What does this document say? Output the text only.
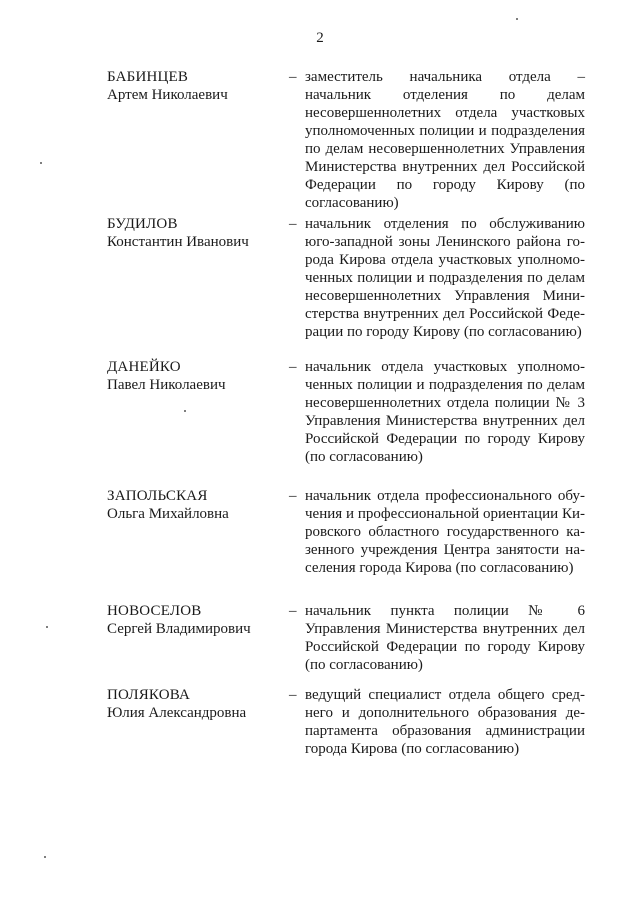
2
БАБИНЦЕВ
Артем Николаевич
– заместитель начальника отдела – начальник отделения по делам несовершеннолетних отдела участковых уполномоченных полиции и подразделения по делам несовершеннолетних Управления Министерства внутренних дел Российской Федерации по городу Кирову (по согласованию)
БУДИЛОВ
Константин Иванович
– начальник отделения по обслуживанию юго-западной зоны Ленинского района города Кирова отдела участковых уполномоченных полиции и подразделения по делам несовершеннолетних Управления Министерства внутренних дел Российской Федерации по городу Кирову (по согласованию)
ДАНЕЙКО
Павел Николаевич
– начальник отдела участковых уполномоченных полиции и подразделения по делам несовершеннолетних отдела полиции № 3 Управления Министерства внутренних дел Российской Федерации по городу Кирову (по согласованию)
ЗАПОЛЬСКАЯ
Ольга Михайловна
– начальник отдела профессионального обучения и профессиональной ориентации Кировского областного государственного казенного учреждения Центра занятости населения города Кирова (по согласованию)
НОВОСЕЛОВ
Сергей Владимирович
– начальник пункта полиции № 6 Управления Министерства внутренних дел Российской Федерации по городу Кирову (по согласованию)
ПОЛЯКОВА
Юлия Александровна
– ведущий специалист отдела общего среднего и дополнительного образования департамента образования администрации города Кирова (по согласованию)
